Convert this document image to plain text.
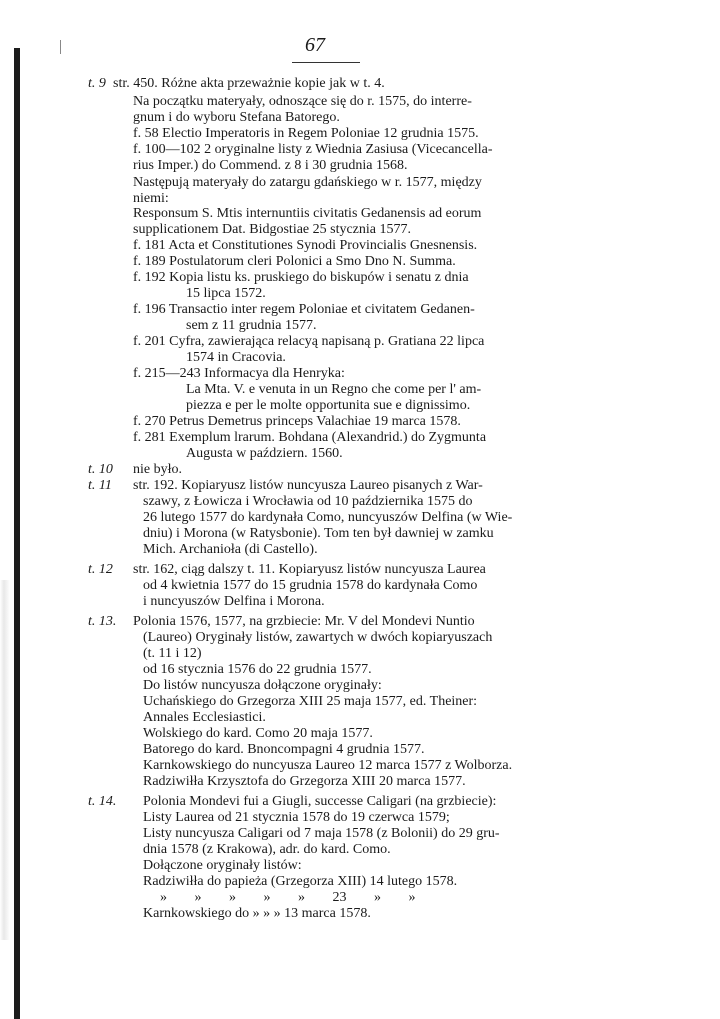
67
t. 9 str. 450. Różne akta przeważnie kopie jak w t. 4.
Na początku materyały, odnoszące się do r. 1575, do interre-
gnum i do wyboru Stefana Batorego.
f. 58 Electio Imperatoris in Regem Poloniae 12 grudnia 1575.
f. 100—102 2 oryginalne listy z Wiednia Zasiusa (Vicecancella-
rius Imper.) do Commend. z 8 i 30 grudnia 1568.
Następują materyały do zatargu gdańskiego w r. 1577, między
niemi:
Responsum S. Mtis internuntiis civitatis Gedanensis ad eorum
supplicationem Dat. Bidgostiae 25 stycznia 1577.
f. 181 Acta et Constitutiones Synodi Provincialis Gnesnensis.
f. 189 Postulatorum cleri Polonici a Smo Dno N. Summa.
f. 192 Kopia listu ks. pruskiego do biskupów i senatu z dnia
15 lipca 1572.
f. 196 Transactio inter regem Poloniae et civitatem Gedanen-
sem z 11 grudnia 1577.
f. 201 Cyfra, zawierająca relacyą napisaną p. Gratiana 22 lipca
1574 in Cracovia.
f. 215—243 Informacya dla Henryka:
La Mta. V. e venuta in un Regno che come per l' am-
piezza e per le molte opportunita sue e dignissimo.
f. 270 Petrus Demetrus princeps Valachiae 19 marca 1578.
f. 281 Exemplum lrarum. Bohdana (Alexandrid.) do Zygmunta
Augusta w październ. 1560.
t. 10 nie było.
t. 11 str. 192. Kopiaryusz listów nuncyusza Laureo pisanych z War-
szawy, z Łowicza i Wrocławia od 10 października 1575 do
26 lutego 1577 do kardynała Como, nuncyuszów Delfina (w Wie-
dniu) i Morona (w Ratysbonie). Tom ten był dawniej w zamku
Mich. Archanioła (di Castello).
t. 12 str. 162, ciąg dalszy t. 11. Kopiaryusz listów nuncyusza Laurea
od 4 kwietnia 1577 do 15 grudnia 1578 do kardynała Como
i nuncyuszów Delfina i Morona.
t. 13. Polonia 1576, 1577, na grzbiecie: Mr. V del Mondevi Nuntio
(Laureo) Oryginały listów, zawartych w dwóch kopiaryuszach
(t. 11 i 12)
od 16 stycznia 1576 do 22 grudnia 1577.
Do listów nuncyusza dołączone oryginały:
Uchańskiego do Grzegorza XIII 25 maja 1577, ed. Theiner:
Annales Ecclesiastici.
Wolskiego do kard. Como 20 maja 1577.
Batorego do kard. Bnoncompagni 4 grudnia 1577.
Karnkowskiego do nuncyusza Laureo 12 marca 1577 z Wolborza.
Radziwiłła Krzysztofa do Grzegorza XIII 20 marca 1577.
t. 14. Polonia Mondevi fui a Giugli, successe Caligari (na grzbiecie):
Listy Laurea od 21 stycznia 1578 do 19 czerwca 1579;
Listy nuncyusza Caligari od 7 maja 1578 (z Bolonii) do 29 gru-
dnia 1578 (z Krakowa), adr. do kard. Como.
Dołączone oryginały listów:
Radziwiłła do papieża (Grzegorza XIII) 14 lutego 1578.
» » » » » 23 » »
Karnkowskiego do » » » 13 marca 1578.
